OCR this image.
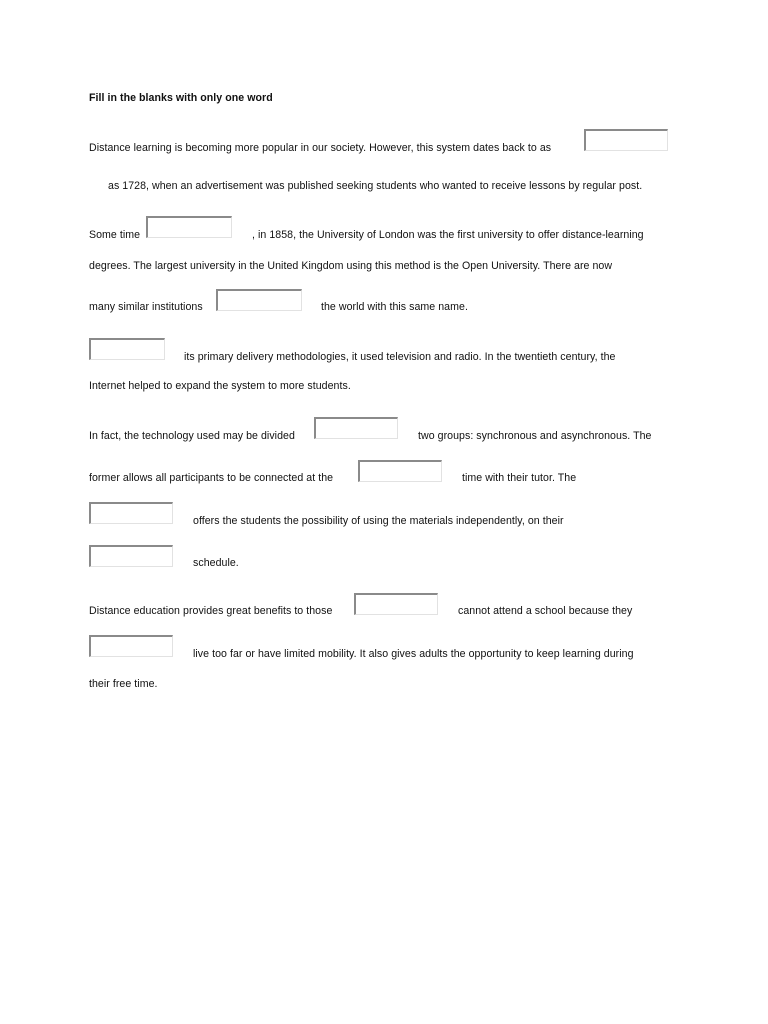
Fill in the blanks with only one word
Distance learning is becoming more popular in our society. However, this system dates back to as
as 1728, when an advertisement was published seeking students who wanted to receive lessons by regular post.
Some time	, in 1858, the University of London was the first university to offer distance-learning
degrees. The largest university in the United Kingdom using this method is the Open University. There are now
many similar institutions	the world with this same name.
its primary delivery methodologies, it used television and radio. In the twentieth century, the
Internet helped to expand the system to more students.
In fact, the technology used may be divided	two groups: synchronous and asynchronous. The
former allows all participants to be connected at the	time with their tutor. The
offers the students the possibility of using the materials independently, on their
schedule.
Distance education provides great benefits to those	cannot attend a school because they
live too far or have limited mobility. It also gives adults the opportunity to keep learning during
their free time.
